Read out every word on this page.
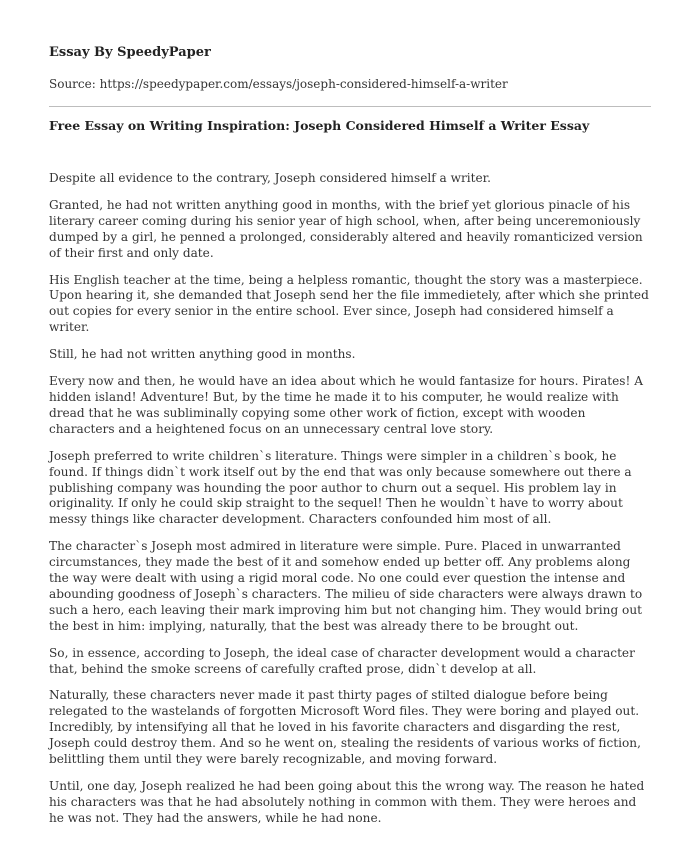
Essay By SpeedyPaper

Source: https://speedypaper.com/essays/joseph-considered-himself-a-writer

Free Essay on Writing Inspiration: Joseph Considered Himself a Writer Essay

Despite all evidence to the contrary, Joseph considered himself a writer.

Granted, he had not written anything good in months, with the brief yet glorious pinacle of his literary career coming during his senior year of high school, when, after being unceremoniously dumped by a girl, he penned a prolonged, considerably altered and heavily romanticized version of their first and only date.

His English teacher at the time, being a helpless romantic, thought the story was a masterpiece. Upon hearing it, she demanded that Joseph send her the file immedietely, after which she printed out copies for every senior in the entire school. Ever since, Joseph had considered himself a writer.

Still, he had not written anything good in months.

Every now and then, he would have an idea about which he would fantasize for hours. Pirates! A hidden island! Adventure! But, by the time he made it to his computer, he would realize with dread that he was subliminally copying some other work of fiction, except with wooden characters and a heightened focus on an unnecessary central love story.

Joseph preferred to write children`s literature. Things were simpler in a children`s book, he found. If things didn`t work itself out by the end that was only because somewhere out there a publishing company was hounding the poor author to churn out a sequel. His problem lay in originality. If only he could skip straight to the sequel! Then he wouldn`t have to worry about messy things like character development. Characters confounded him most of all.

The character`s Joseph most admired in literature were simple. Pure. Placed in unwarranted circumstances, they made the best of it and somehow ended up better off. Any problems along the way were dealt with using a rigid moral code. No one could ever question the intense and abounding goodness of Joseph`s characters. The milieu of side characters were always drawn to such a hero, each leaving their mark improving him but not changing him. They would bring out the best in him: implying, naturally, that the best was already there to be brought out.

So, in essence, according to Joseph, the ideal case of character development would a character that, behind the smoke screens of carefully crafted prose, didn`t develop at all.

Naturally, these characters never made it past thirty pages of stilted dialogue before being relegated to the wastelands of forgotten Microsoft Word files. They were boring and played out. Incredibly, by intensifying all that he loved in his favorite characters and disgarding the rest, Joseph could destroy them. And so he went on, stealing the residents of various works of fiction, belittling them until they were barely recognizable, and moving forward.

Until, one day, Joseph realized he had been going about this the wrong way. The reason he hated his characters was that he had absolutely nothing in common with them. They were heroes and he was not. They had the answers, while he had none.
